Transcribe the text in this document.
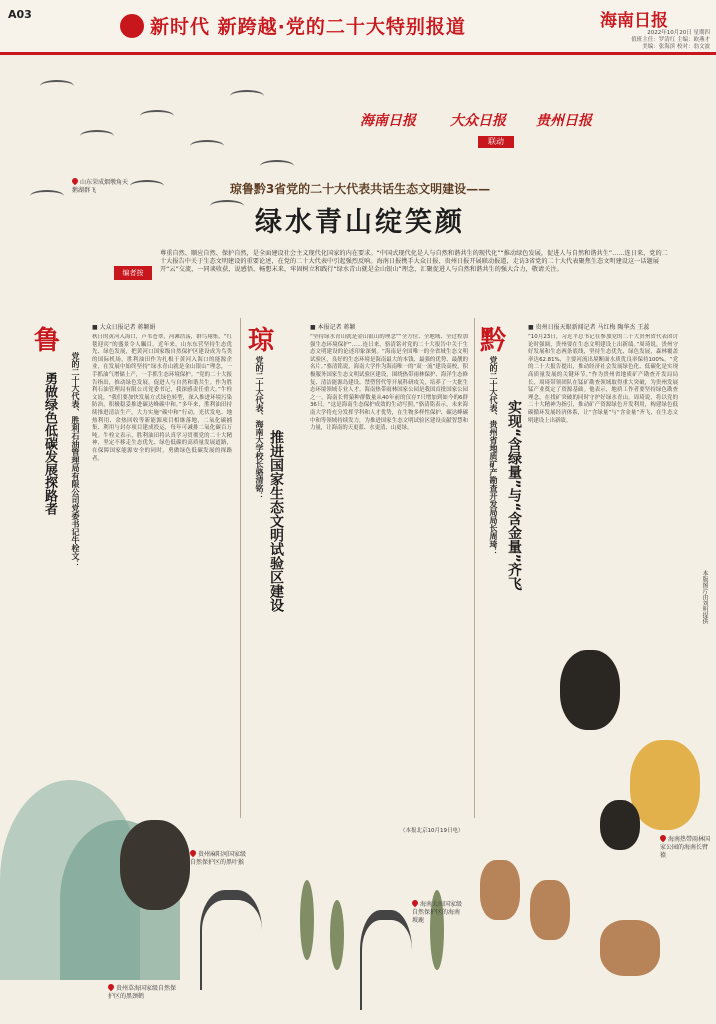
A03
新时代 新跨越·党的二十大特别报道	海南日报
2022年10月20日 星期四
值班主任：罗清红 主编：欧燕才
美编：张海滨 校对：翁文波
山东荣成烟墩角天鹅湖群飞
海南日报 大众日报 贵州日报
联动
琼鲁黔3省党的二十大代表共话生态文明建设——
绿水青山绽笑颜
编者按
尊重自然、顺应自然、保护自然，是全面建设社会主义现代化国家的内在要求。“中国式现代化是人与自然和谐共生的现代化”“推动绿色发展，促进人与自然和谐共生”……连日来，党的二十大报告中关于生态文明建设的重要论述，在党的二十大代表中引起强烈反响。海南日报携手大众日报、贵州日报开展联动报道，走访3省党的二十大代表聚焦生态文明建设这一话题展开“云”交流，一同谈收获、说感悟、畅想未来，牢固树立和践行“绿水青山就是金山银山”理念，汇聚促进人与自然和谐共生的强大合力，敬请关注。
鲁
党的二十大代表、胜利石油管理局有限公司党委书记牛栓文：
勇做绿色低碳发展探路者
■ 大众日报记者 蒋颖娟
秋日的黄河入海口，芦苇苍翠，河滩浩荡，群鸟翔集，“红毯迎宾”的盛景令人瞩目。近年来，山东东营坚持生态优先、绿色发展，把黄河口国家级自然保护区建设成为鸟类的国际机场。胜利油田作为扎根于黄河入海口的能源企业，在发展中始终坚持“绿水青山就是金山银山”理念，一手抓油气增储上产，一手抓生态环境保护。“党的二十大报告指出，推动绿色发展，促进人与自然和谐共生。作为胜利石油管理局有限公司党委书记，我深感责任重大。”牛栓文说，“我们要加快发展方式绿色转型，深入推进环境污染防治，积极稳妥推进碳达峰碳中和。”多年来，胜利油田持续推进清洁生产，大力实施“碳中和”行动，光伏发电、地热利用、余热回收等新能源项目相继落地，二氧化碳捕集、利用与封存项目建成投运，每年可减排二氧化碳百万吨。牛栓文表示，胜利油田将认真学习贯彻党的二十大精神，坚定不移走生态优先、绿色低碳的高质量发展道路，在保障国家能源安全的同时，勇做绿色低碳发展的探路者。
琼
党的二十大代表、海南大学校长骆清铭：
推进国家生态文明试验区建设
■ 本报记者 蒋颖
“坚持绿水青山就是金山银山的理念”“全方位、全地域、全过程加强生态环境保护”……连日来，骆清铭对党的二十大报告中关于生态文明建设的论述印象深刻。“海南是全国唯一的全省域生态文明试验区，良好的生态环境是海南最大的本钱、最强的优势、最靓的名片。”骆清铭说，海南大学作为海南唯一的“双一流”建设高校，积极服务国家生态文明试验区建设，围绕热带雨林保护、海洋生态修复、清洁能源岛建设、禁塑替代等开展科研攻关，培养了一大批生态环境领域专业人才。海南热带雨林国家公园是我国首批国家公园之一，海南长臂猿种群数量从40年前的仅存7只增加到如今的6群36只。“这是海南生态保护成效的生动写照。”骆清铭表示，未来海南大学将充分发挥学科和人才优势，在生物多样性保护、碳达峰碳中和等领域持续发力，为推进国家生态文明试验区建设贡献智慧和力量，让海南的天更蓝、水更清、山更绿。
（本报北京10月19日电）
黔
党的二十大代表、贵州省地质矿产勘查开发局局长周琦： 实现“含绿量”与“含金量”齐飞
■ 贵州日报天眼新闻记者 马红梅 陶华杰 王蕊
“10月23日，习近平总书记在参加党的二十大贵州省代表团讨论时强调，贵州要在生态文明建设上出新绩。”周琦说，贵州守好发展和生态两条底线，坚持生态优先、绿色发展，森林覆盖率达62.81%，主要河流出境断面水质优良率保持100%。“党的二十大报告提出，推动经济社会发展绿色化、低碳化是实现高质量发展的关键环节。”作为贵州省地质矿产勘查开发局局长，周琦带领团队在锰矿勘查领域取得重大突破，为贵州发展锰产业奠定了资源基础。他表示，地质工作者要坚持绿色勘查理念，在找矿突破的同时守护好绿水青山。周琦说，将以党的二十大精神为指引，推动矿产资源绿色开发利用，构建绿色低碳循环发展经济体系，让“含绿量”与“含金量”齐飞，在生态文明建设上出新绩。
本版图片由刘明提供
贵州麻阳河国家级自然保护区的黑叶猴
贵州草海国家级自然保护区的黑颈鹤
海南大田国家级自然保护区的海南坡鹿
海南热带雨林国家公园的海南长臂猿
